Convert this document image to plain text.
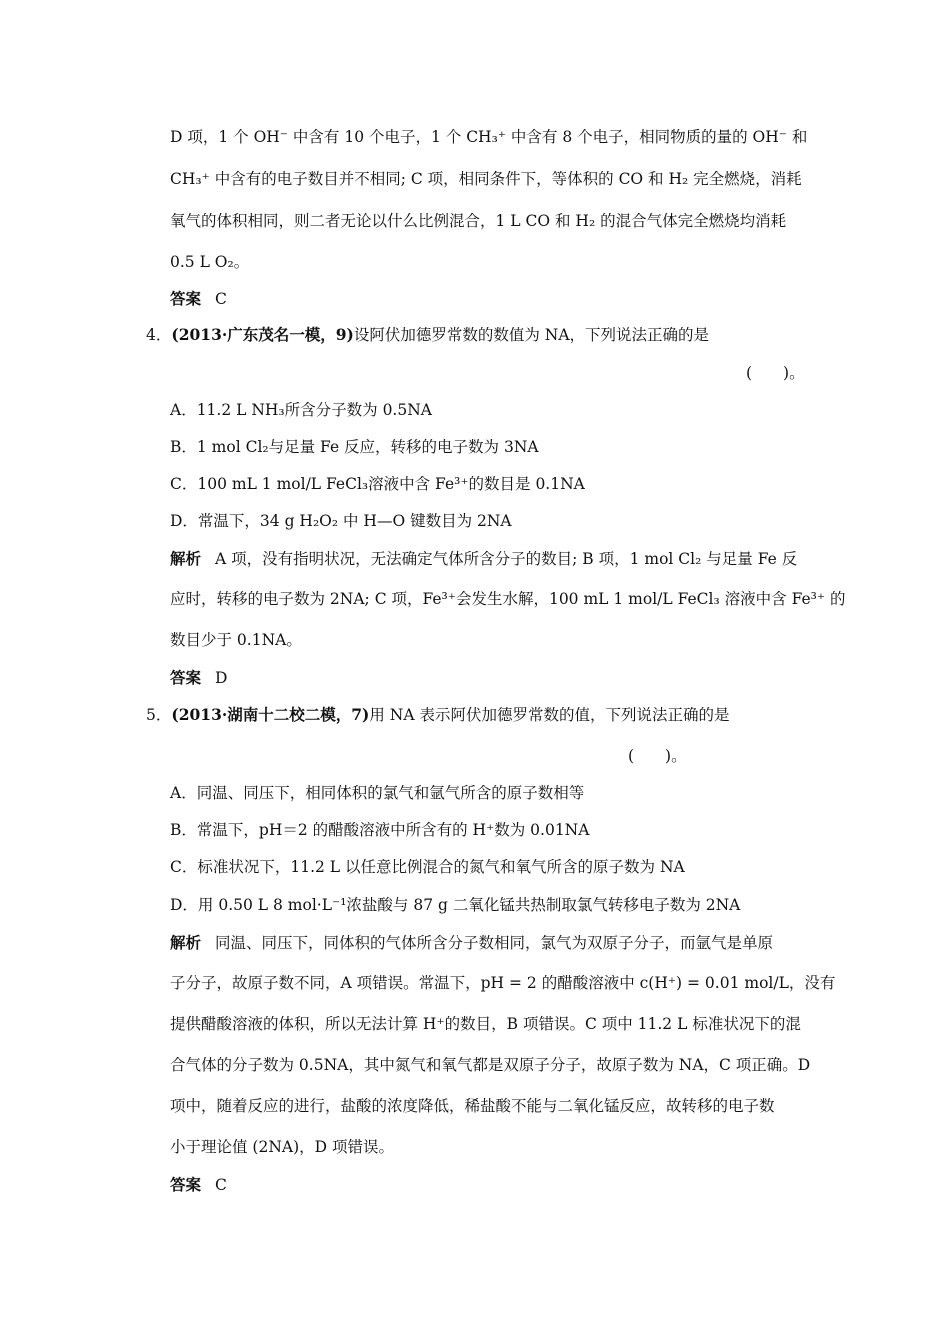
D 项，1 个 OH⁻ 中含有 10 个电子，1 个 CH₃⁺ 中含有 8 个电子，相同物质的量的 OH⁻ 和
CH₃⁺ 中含有的电子数目并不相同; C 项，相同条件下，等体积的 CO 和 H₂ 完全燃烧，消耗
氧气的体积相同，则二者无论以什么比例混合，1 L CO 和 H₂ 的混合气体完全燃烧均消耗
0.5 L O₂。
答案 C
4．(2013·广东茂名一模，9)设阿伏加德罗常数的数值为 NA，下列说法正确的是
(　　)。
A．11.2 L NH₃所含分子数为 0.5NA
B．1 mol Cl₂与足量 Fe 反应，转移的电子数为 3NA
C．100 mL 1 mol/L FeCl₃溶液中含 Fe³⁺的数目是 0.1NA
D．常温下，34 g H₂O₂ 中 H—O 键数目为 2NA
解析 A 项，没有指明状况，无法确定气体所含分子的数目; B 项，1 mol Cl₂ 与足量 Fe 反
应时，转移的电子数为 2NA; C 项，Fe³⁺会发生水解，100 mL 1 mol/L FeCl₃ 溶液中含 Fe³⁺ 的
数目少于 0.1NA。
答案 D
5．(2013·湖南十二校二模，7)用 NA 表示阿伏加德罗常数的值，下列说法正确的是
(　　)。
A．同温、同压下，相同体积的氯气和氩气所含的原子数相等
B．常温下，pH＝2 的醋酸溶液中所含有的 H⁺数为 0.01NA
C．标准状况下，11.2 L 以任意比例混合的氮气和氧气所含的原子数为 NA
D．用 0.50 L 8 mol·L⁻¹浓盐酸与 87 g 二氧化锰共热制取氯气转移电子数为 2NA
解析 同温、同压下，同体积的气体所含分子数相同，氯气为双原子分子，而氩气是单原
子分子，故原子数不同，A 项错误。常温下，pH = 2 的醋酸溶液中 c(H⁺) = 0.01 mol/L，没有
提供醋酸溶液的体积，所以无法计算 H⁺的数目，B 项错误。C 项中 11.2 L 标准状况下的混
合气体的分子数为 0.5NA，其中氮气和氧气都是双原子分子，故原子数为 NA，C 项正确。D
项中，随着反应的进行，盐酸的浓度降低，稀盐酸不能与二氧化锰反应，故转移的电子数
小于理论值 (2NA)，D 项错误。
答案 C
